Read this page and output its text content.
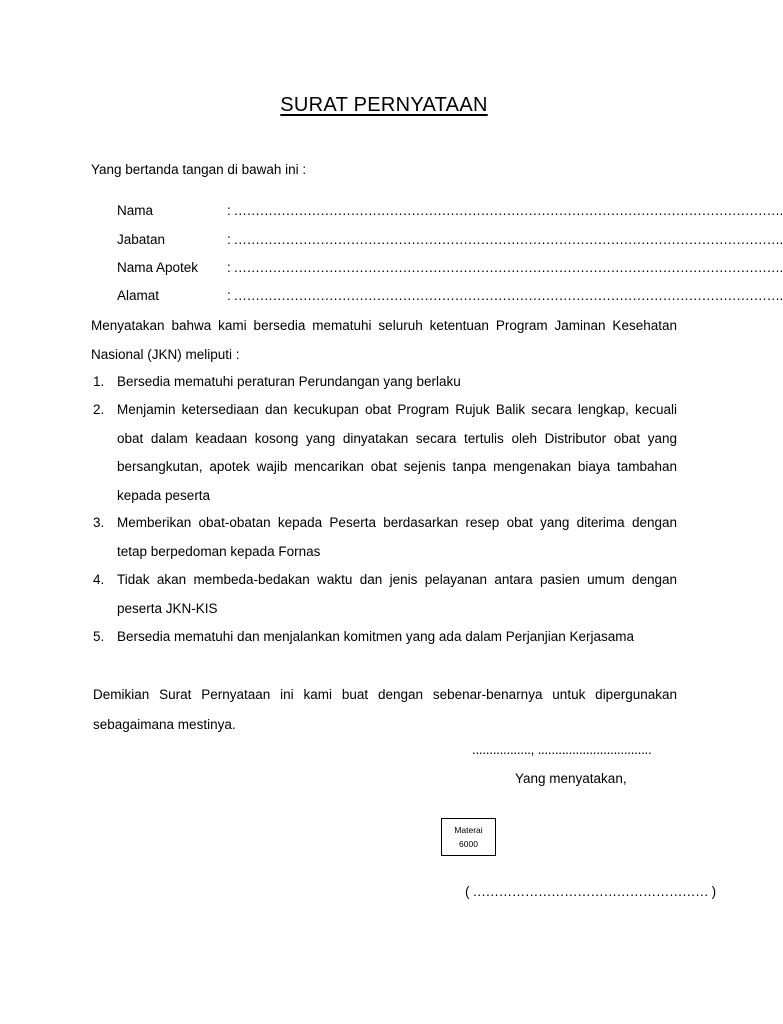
SURAT PERNYATAAN
Yang bertanda tangan di bawah ini :
Nama	: ……………………………………………………………………………………………………………….
Jabatan	: ……………………………………………………………………………………………………………….
Nama Apotek : ……………………………………………………………………………………………………………….
Alamat	: ……………………………………………………………………………………………………………….
Menyatakan bahwa kami bersedia mematuhi seluruh ketentuan Program Jaminan Kesehatan Nasional (JKN) meliputi :
1. Bersedia mematuhi peraturan Perundangan yang berlaku
2. Menjamin ketersediaan dan kecukupan obat Program Rujuk Balik secara lengkap, kecuali obat dalam keadaan kosong yang dinyatakan secara tertulis oleh Distributor obat yang bersangkutan, apotek wajib mencarikan obat sejenis tanpa mengenakan biaya tambahan kepada peserta
3. Memberikan obat-obatan kepada Peserta berdasarkan resep obat yang diterima dengan tetap berpedoman kepada Fornas
4. Tidak akan membeda-bedakan waktu dan jenis pelayanan antara pasien umum dengan peserta JKN-KIS
5. Bersedia mematuhi dan menjalankan komitmen yang ada dalam Perjanjian Kerjasama
Demikian Surat Pernyataan ini kami buat dengan sebenar-benarnya untuk dipergunakan sebagaimana mestinya.
................., .................................
Yang menyatakan,
Materai
6000
( ……………………………………………… )
